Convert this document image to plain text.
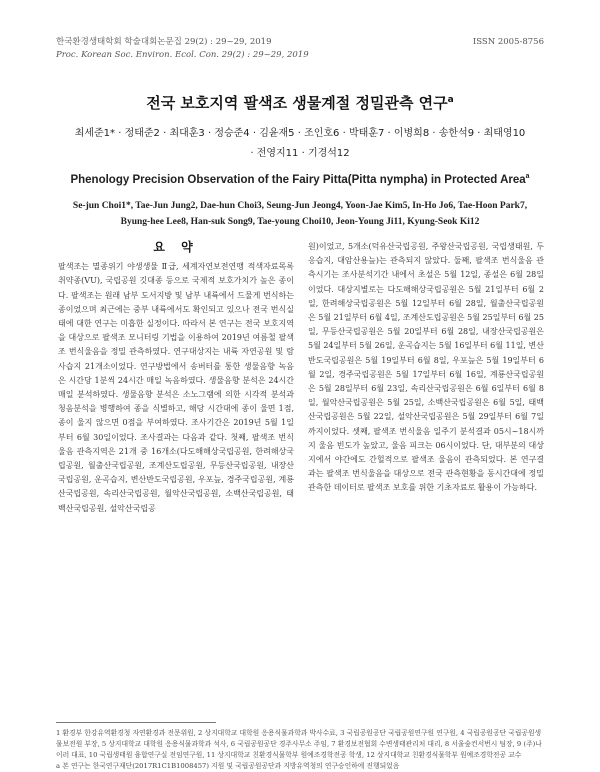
한국환경생태학회 학술대회논문집 29(2) : 29~29, 2019	ISSN 2005-8756
Proc. Korean Soc. Environ. Ecol. Con. 29(2) : 29~29, 2019
전국 보호지역 팔색조 생물계절 정밀관측 연구$^a$
최세준1* · 정태준2 · 최대훈3 · 정승준4 · 김윤재5 · 조인호6 · 박태훈7 · 이병희8 · 송한석9 · 최태영10
· 전영지11 · 기경석12
Phenology Precision Observation of the Fairy Pitta(Pitta nympha) in Protected Area$^a$
Se-jun Choi1*, Tae-Jun Jung2, Dae-hun Choi3, Seung-Jun Jeong4, Yoon-Jae Kim5, In-Ho Jo6, Tae-Hoon Park7,
Byung-hee Lee8, Han-suk Song9, Tae-young Choi10, Jeon-Young Ji11, Kyung-Seok Ki12
요 약

팔색조는 멸종위기 야생생물 Ⅱ급, 세계자연보전연맹 적색자료목록 취약종(VU), 국립공원 깃대종 등으로 국제적 보호가치가 높은 종이다. 팔색조는 원래 남부 도서지방 및 남부 내륙에서 드물게 번식하는 종이었으며 최근에는 중부 내륙에서도 확인되고 있으나 전국 번식실태에 대한 연구는 미흡한 실정이다. 따라서 본 연구는 전국 보호지역을 대상으로 팔색조 모니터링 기법을 이용하여 2019년 여름철 팔색조 번식울음을 정밀 관측하였다. 연구대상지는 내륙 자연공원 및 람사습지 21개소이었다. 연구방법에서 송버터를 통한 생물음향 녹음은 시간당 1분씩 24시간 매일 녹음하였다. 생물음향 분석은 24시간 매일 분석하였다. 생물음향 분석은 소노그램에 의한 시각적 분석과 청음분석을 병행하여 종을 식별하고, 해당 시간대에 종이 울면 1점, 종이 울지 않으면 0점을 부여하였다. 조사기간은 2019년 5월 1일부터 6월 30일이었다. 조사결과는 다음과 같다. 첫째, 팔색조 번식울음 관측지역은 21개 중 16개소(다도해해상국립공원, 한려해상국립공원, 월출산국립공원, 조계산도립공원, 무등산국립공원, 내장산국립공원, 운곡습지, 변산반도국립공원, 우포늪, 경주국립공원, 계룡산국립공원, 속리산국립공원, 월악산국립공원, 소백산국립공원, 태백산국립공원, 설악산국립공

원)이었고, 5개소(덕유산국립공원, 주왕산국립공원, 국립생태원, 두응습지, 대암산용늪)는 관측되지 않았다. 둘째, 팔색조 번식울음 관측시기는 조사분석기간 내에서 초설은 5월 12일, 종설은 6월 28일이었다. 대상지별로는 다도해해상국립공원은 5월 21일부터 6월 2일, 한려해상국립공원은 5월 12일부터 6월 28일, 월출산국립공원은 5월 21일부터 6월 4일, 조계산도립공원은 5월 25일부터 6월 25일, 무등산국립공원은 5월 20일부터 6월 28일, 내장산국립공원은 5월 24일부터 5월 26일, 운곡습지는 5월 16일부터 6월 11일, 변산반도국립공원은 5월 19일부터 6월 8일, 우포늪은 5월 19일부터 6월 2일, 경주국립공원은 5월 17일부터 6월 16일, 계룡산국립공원은 5월 28일부터 6월 23일, 속리산국립공원은 6월 6일부터 6월 8일, 월악산국립공원은 5월 25일, 소백산국립공원은 6월 5일, 태백산국립공원은 5월 22일, 설악산국립공원은 5월 29일부터 6월 7일까지이었다. 셋째, 팔색조 번식울음 일주기 분석결과 05시~18시까지 울음 빈도가 높았고, 울음 피크는 06시이었다. 단, 대부분의 대상지에서 야간에도 간헐적으로 팔색조 울음이 관측되었다. 본 연구결과는 팔색조 번식울음을 대상으로 전국 관측현황을 동시간대에 정밀관측한 데이터로 팔색조 보호를 위한 기초자료로 활용이 가능하다.

1 환경부 한강유역환경청 자연환경과 전문위원, 2 상지대학교 대학원 응용식물과학과 박사수료, 3 국립공원공단 국립공원연구원 연구원, 4 국립공원공단 국립공원생물보전원 부장, 5 상지대학교 대학원 응용식물과학과 석사, 6 국립공원공단 경주사무소 주임, 7 환경보전협회 수변생태관리처 대리, 8 서울숲컨서번시 팀장, 9 (주)나이러 대표, 10 국립생태원 융합연구실 전임연구원, 11 상지대학교 친환경식물학부 원예조경학전공 학생, 12 상지대학교 친환경식물학부 원예조경학전공 교수

a 본 연구는 한국연구재단(2017R1C1B1008457) 지원 및 국립공원공단과 지방유역청의 연구승인하에 진행되었음
